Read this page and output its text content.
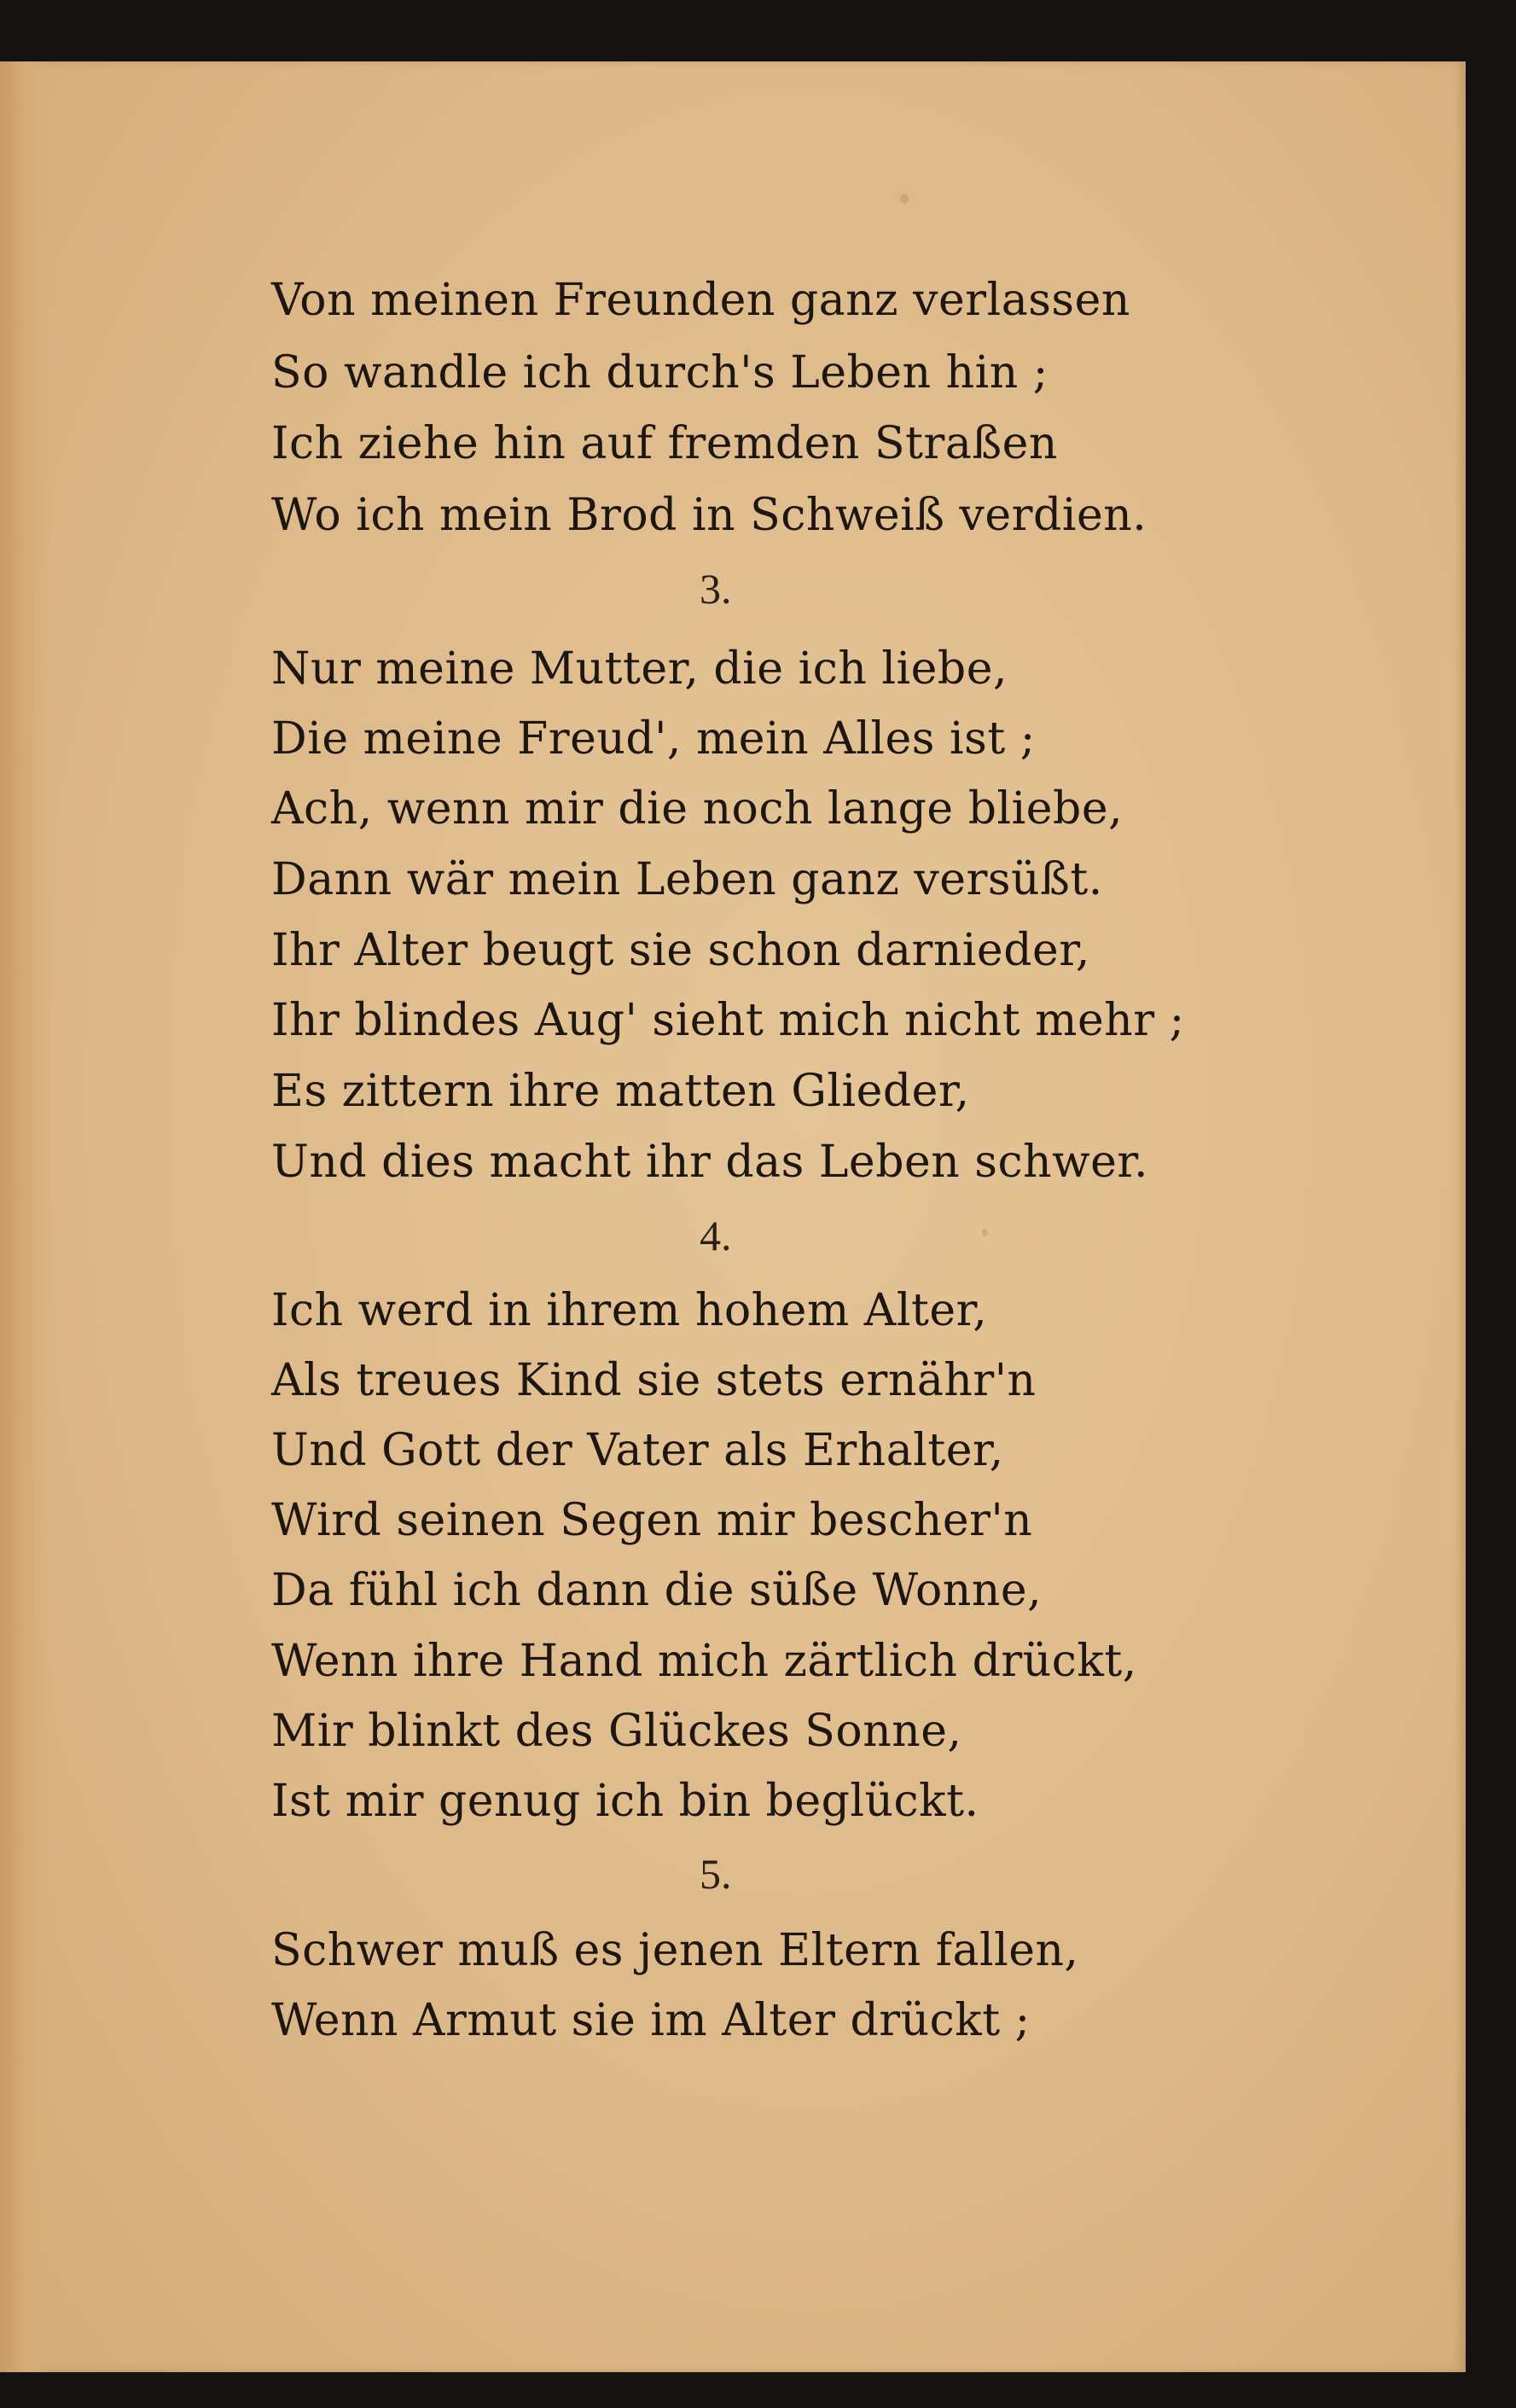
Von meinen Freunden ganz verlassen
So wandle ich durch's Leben hin ;
Ich ziehe hin auf fremden Straßen
Wo ich mein Brod in Schweiß verdien.
3.
Nur meine Mutter, die ich liebe,
Die meine Freud', mein Alles ist ;
Ach, wenn mir die noch lange bliebe,
Dann wär mein Leben ganz versüßt.
Ihr Alter beugt sie schon darnieder,
Ihr blindes Aug' sieht mich nicht mehr ;
Es zittern ihre matten Glieder,
Und dies macht ihr das Leben schwer.
4.
Ich werd in ihrem hohem Alter,
Als treues Kind sie stets ernähr'n
Und Gott der Vater als Erhalter,
Wird seinen Segen mir bescher'n
Da fühl ich dann die süße Wonne,
Wenn ihre Hand mich zärtlich drückt,
Mir blinkt des Glückes Sonne,
Ist mir genug ich bin beglückt.
5.
Schwer muß es jenen Eltern fallen,
Wenn Armut sie im Alter drückt ;
